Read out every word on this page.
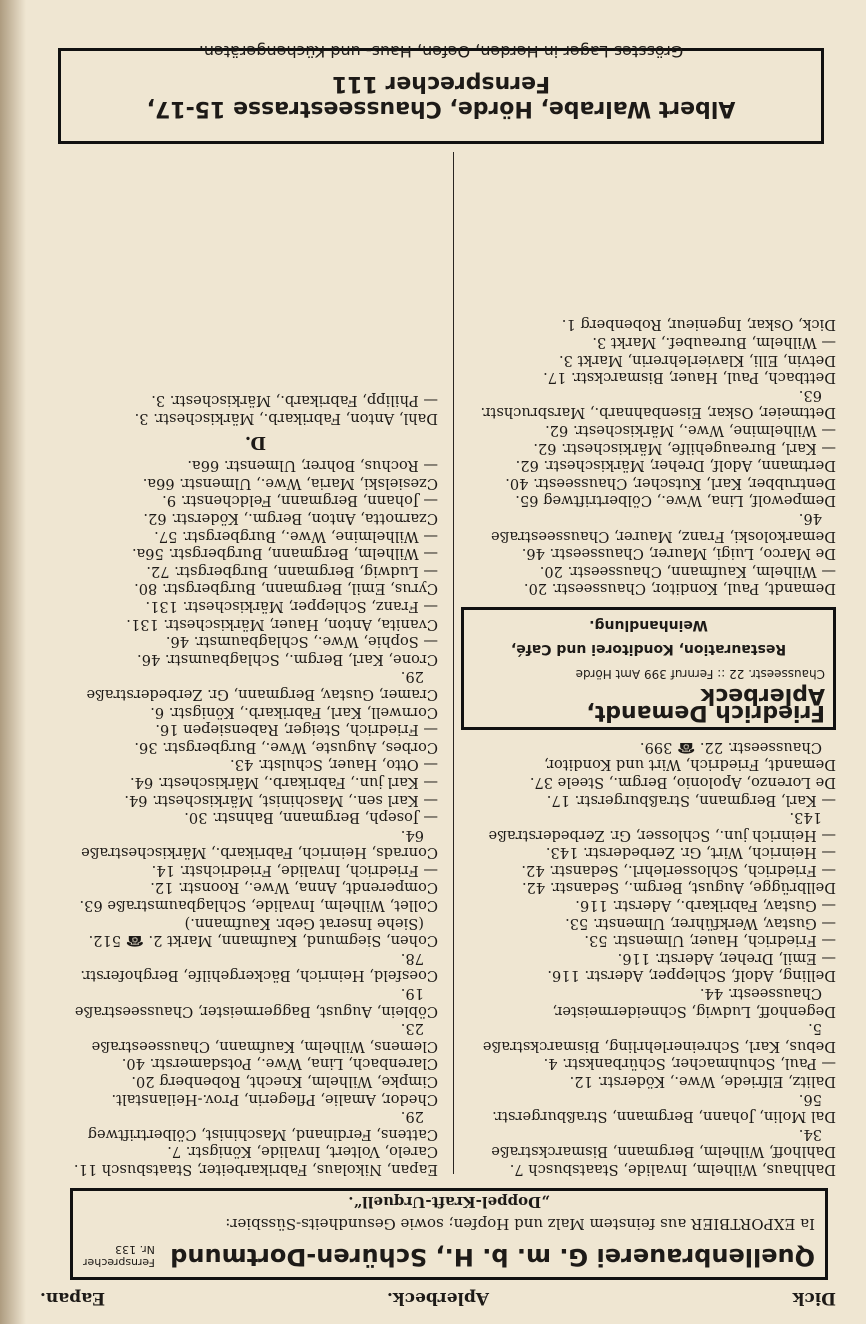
Dick
Aplerbeck.
Eapan.
Quellenbrauerei G. m. b. H., Schüren-Dortmund
Fernsprecher
Nr. 133
Ia EXPORTBIER aus feinstem Malz und Hopfen; sowie Gesundheits-Süssbier:
„Doppel-Kraft-Urquell“.

Dahlhaus, Wilhelm, Invalide, Staatsbusch 7.

Dahlhoff, Wilhelm, Bergmann, Bismarckstraße 34.

Dal Molin, Johann, Bergmann, Straßburgerstr. 56.

Dalitz, Elfriede, Wwe., Köderstr. 12.

— Paul, Schuhmacher, Schürbankstr. 4.

Debus, Karl, Schreinerlehrling, Bismarckstraße 5.

Degenhoff, Ludwig, Schneidermeister, Chausseestr. 44.

Delling, Adolf, Schlepper, Aderstr. 116.

— Emil, Dreher, Aderstr. 116.

— Friedrich, Hauer, Ulmenstr. 53.

— Gustav, Werkführer, Ulmenstr. 53.

— Gustav, Fabrikarb., Aderstr. 116.

Dellbrügge, August, Bergm., Sedanstr. 42.

— Friedrich, Schlosserlehrl., Sedanstr. 42.

— Heinrich, Wirt, Gr. Zerbederstr. 143.

— Heinrich jun., Schlosser, Gr. Zerbederstraße 143.

— Karl, Bergmann, Straßburgerstr. 17.

De Lorenzo, Apolonio, Bergm., Steele 37.

Demandt, Friedrich, Wirt und Konditor, Chausseestr. 22. ☎ 399.

Friedrich Demandt, Aplerbeck
Chausseestr. 22 :: Fernruf 399 Amt Hörde
Restauration, Konditorei und Café,
Weinhandlung.

Demandt, Paul, Konditor, Chausseestr. 20.

— Wilhelm, Kaufmann, Chausseestr. 20.

De Marco, Luigi, Maurer, Chausseestr. 46.

Demarkoloski, Franz, Maurer, Chausseestraße 46.

Dempewolf, Lina, Wwe., Cölbertriftweg 65.

Dentrubber, Karl, Kutscher, Chausseestr. 40.

Dertmann, Adolf, Dreher, Märkischestr. 62.

— Karl, Bureaugehilfe, Märkischestr. 62.

— Wilhelmine, Wwe., Märkischestr. 62.

Dettmeier, Oskar, Eisenbahnarb., Marsbruchstr. 63.

Dettbach, Paul, Hauer, Bismarckstr. 17.

Detvin, Elli, Klavierlehrerin, Markt 3.

— Wilhelm, Bureaubef., Markt 3.

Dick, Oskar, Ingenieur, Robenberg 1.

Eapan, Nikolaus, Fabrikarbeiter, Staatsbusch 11.

Carelo, Voltert, Invalide, Königstr. 7.

Cattens, Ferdinand, Maschinist, Cölbertriftweg 29.

Chedor, Amalie, Pflegerin, Prov.-Heilanstalt.

Cimpke, Wilhelm, Knecht, Robenberg 20.

Clarenbach, Lina, Wwe., Potsdamerstr. 40.

Clemens, Wilhelm, Kaufmann, Chausseestraße 23.

Cöblein, August, Baggermeister, Chausseestraße 19.

Coesfeld, Heinrich, Bäckergehilfe, Berghoferstr. 78.

Cohen, Siegmund, Kaufmann, Markt 2. ☎ 512. (Siehe Inserat Gebr. Kaufmann.)

Collet, Wilhelm, Invalide, Schlagbaumstraße 63.

Comperendt, Anna, Wwe., Roonstr. 12.

— Friedrich, Invalide, Friedrichstr. 14.

Conrads, Heinrich, Fabrikarb., Märkischestraße 64.

— Joseph, Bergmann, Bahnstr. 30.

— Karl sen., Maschinist, Märkischestr. 64.

— Karl jun., Fabrikarb., Märkischestr. 64.

— Otto, Hauer, Schulstr. 43.

Corbes, Auguste, Wwe., Burgbergstr. 36.

— Friedrich, Steiger, Rabensiepen 16.

Cornwell, Karl, Fabrikarb., Königstr. 6.

Cramer, Gustav, Bergmann, Gr. Zerbederstraße 29.

Crone, Karl, Bergm., Schlagbaumstr. 46.

— Sophie, Wwe., Schlagbaumstr. 46.

Cvanita, Anton, Hauer, Märkischestr. 131.

— Franz, Schlepper, Märkischestr. 131.

Cyrus, Emil, Bergmann, Burgbergstr. 80.

— Ludwig, Bergmann, Burgbergstr. 72.

— Wilhelm, Bergmann, Burgbergstr. 56a.

— Wilhelmine, Wwe., Burgbergstr. 57.

Czarnotta, Anton, Bergm., Köderstr. 62.

— Johann, Bergmann, Feldchenstr. 9.

Czesielski, Maria, Wwe., Ulmenstr. 66a.

— Rochus, Bohrer, Ulmenstr. 66a.

D.

Dahl, Anton, Fabrikarb., Märkischestr. 3.

— Philipp, Fabrikarb., Märkischestr. 3.

Albert Walrabe, Hörde, Chausseestrasse 15-17, Fernsprecher 111
Grösstes Lager in Herden, Oefen, Haus- und Küchengeräten.
